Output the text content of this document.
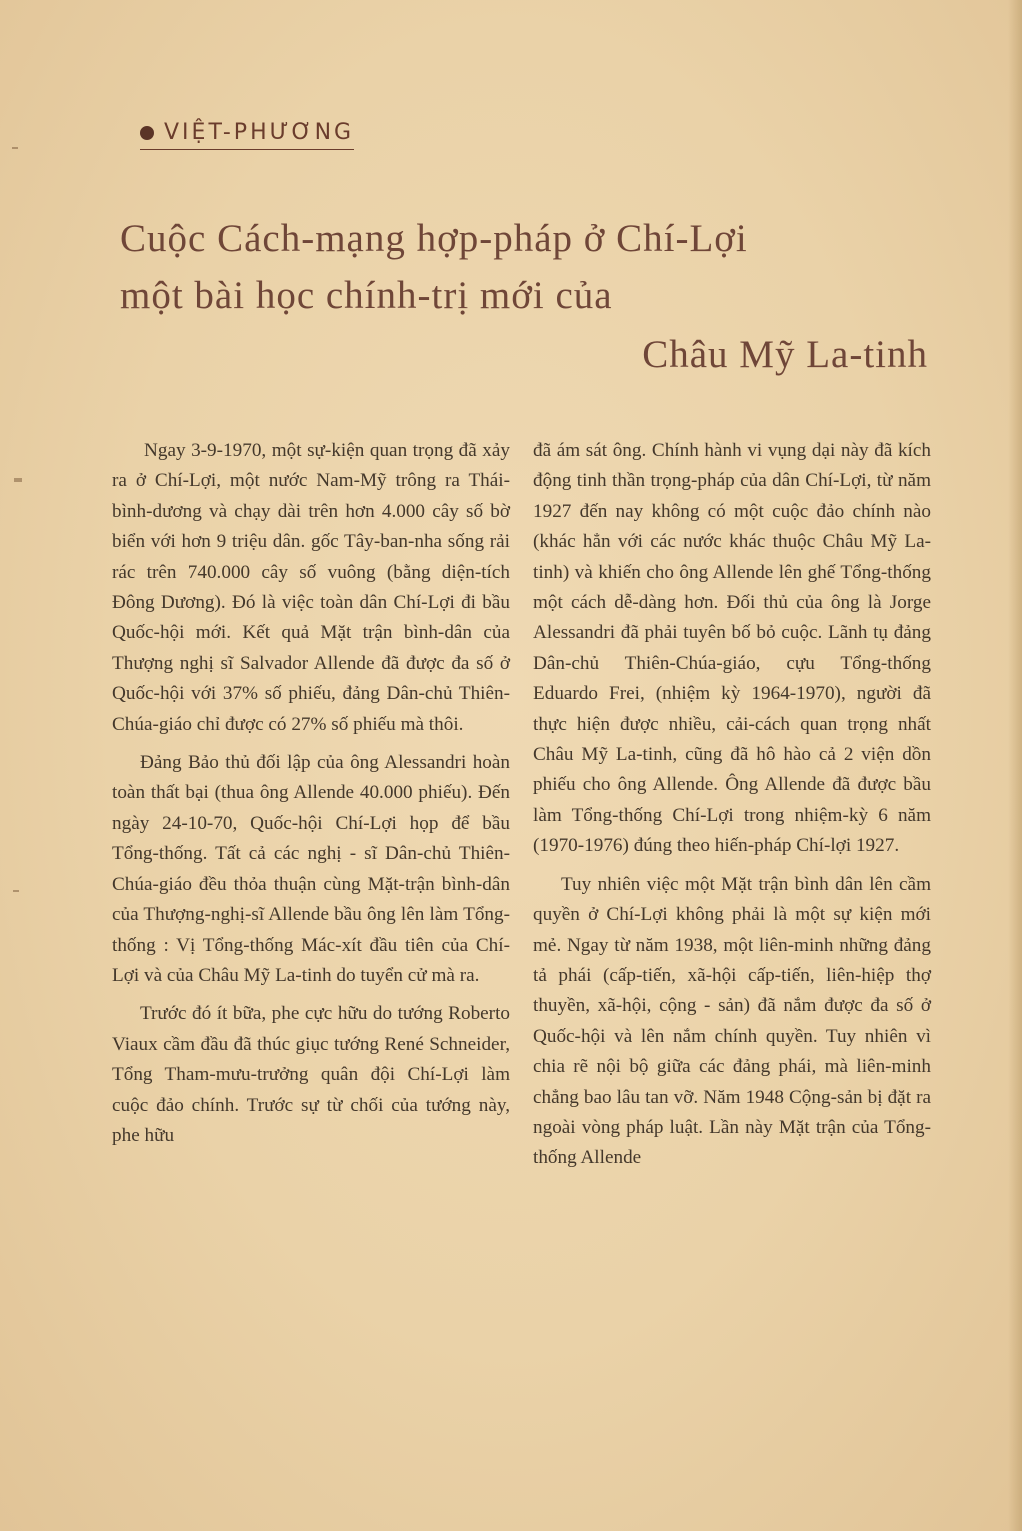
VIỆT-PHƯƠNG
Cuộc Cách-mạng hợp-pháp ở Chí-Lợi
một bài học chính-trị mới của
Châu Mỹ La-tinh

Ngay 3-9-1970, một sự-kiện quan trọng đã xảy ra ở Chí-Lợi, một nước Nam-Mỹ trông ra Thái-bình-dương và chạy dài trên hơn 4.000 cây số bờ biển với hơn 9 triệu dân. gốc Tây-ban-nha sống rải rác trên 740.000 cây số vuông (bằng diện-tích Đông Dương). Đó là việc toàn dân Chí-Lợi đi bầu Quốc-hội mới. Kết quả Mặt trận bình-dân của Thượng nghị sĩ Salvador Allende đã được đa số ở Quốc-hội với 37% số phiếu, đảng Dân-chủ Thiên-Chúa-giáo chỉ được có 27% số phiếu mà thôi.

Đảng Bảo thủ đối lập của ông Alessandri hoàn toàn thất bại (thua ông Allende 40.000 phiếu). Đến ngày 24-10-70, Quốc-hội Chí-Lợi họp để bầu Tổng-thống. Tất cả các nghị - sĩ Dân-chủ Thiên-Chúa-giáo đều thỏa thuận cùng Mặt-trận bình-dân của Thượng-nghị-sĩ Allende bầu ông lên làm Tổng-thống : Vị Tổng-thống Mác-xít đầu tiên của Chí-Lợi và của Châu Mỹ La-tinh do tuyển cử mà ra.

Trước đó ít bữa, phe cực hữu do tướng Roberto Viaux cầm đầu đã thúc giục tướng René Schneider, Tổng Tham-mưu-trưởng quân đội Chí-Lợi làm cuộc đảo chính. Trước sự từ chối của tướng này, phe hữu

đã ám sát ông. Chính hành vi vụng dại này đã kích động tinh thần trọng-pháp của dân Chí-Lợi, từ năm 1927 đến nay không có một cuộc đảo chính nào (khác hẳn với các nước khác thuộc Châu Mỹ La-tinh) và khiến cho ông Allende lên ghế Tổng-thống một cách dễ-dàng hơn. Đối thủ của ông là Jorge Alessandri đã phải tuyên bố bỏ cuộc. Lãnh tụ đảng Dân-chủ Thiên-Chúa-giáo, cựu Tổng-thống Eduardo Frei, (nhiệm kỳ 1964-1970), người đã thực hiện được nhiều, cải-cách quan trọng nhất Châu Mỹ La-tinh, cũng đã hô hào cả 2 viện dồn phiếu cho ông Allende. Ông Allende đã được bầu làm Tổng-thống Chí-Lợi trong nhiệm-kỳ 6 năm (1970-1976) đúng theo hiến-pháp Chí-lợi 1927.

Tuy nhiên việc một Mặt trận bình dân lên cầm quyền ở Chí-Lợi không phải là một sự kiện mới mẻ. Ngay từ năm 1938, một liên-minh những đảng tả phái (cấp-tiến, xã-hội cấp-tiến, liên-hiệp thợ thuyền, xã-hội, cộng - sản) đã nắm được đa số ở Quốc-hội và lên nắm chính quyền. Tuy nhiên vì chia rẽ nội bộ giữa các đảng phái, mà liên-minh chẳng bao lâu tan vỡ. Năm 1948 Cộng-sản bị đặt ra ngoài vòng pháp luật. Lần này Mặt trận của Tổng-thống Allende
